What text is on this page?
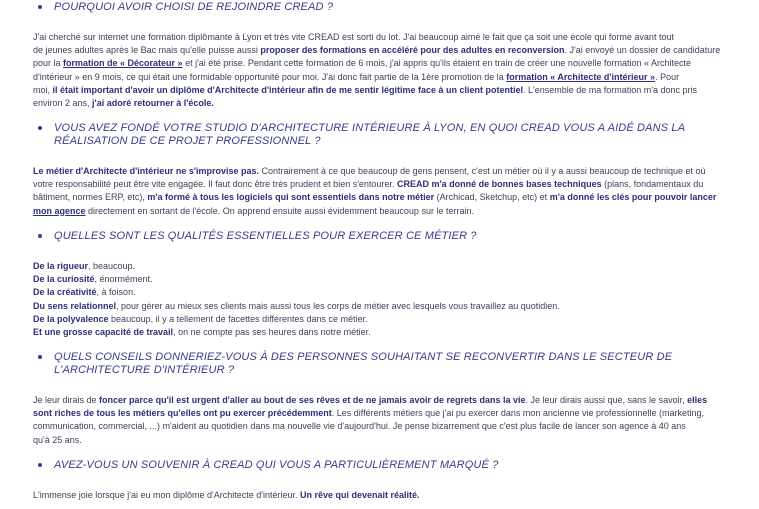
POURQUOI AVOIR CHOISI DE REJOINDRE CREAD ?
J'ai cherché sur internet une formation diplômante à Lyon et très vite CREAD est sorti du lot. J'ai beaucoup aimé le fait que ça soit une école qui forme avant tout
de jeunes adultes après le Bac mais qu'elle puisse aussi proposer des formations en accéléré pour des adultes en reconversion. J'ai envoyé un dossier de candidature
pour la formation de « Décorateur » et j'ai été prise. Pendant cette formation de 6 mois, j'ai appris qu'ils étaient en train de créer une nouvelle formation « Architecte
d'intérieur » en 9 mois, ce qui était une formidable opportunité pour moi. J'ai donc fait partie de la 1ère promotion de la formation « Architecte d'intérieur ». Pour
moi, il était important d'avoir un diplôme d'Architecte d'intérieur afin de me sentir légitime face à un client potentiel. L'ensemble de ma formation m'a donc pris
environ 2 ans, j'ai adoré retourner à l'école.
VOUS AVEZ FONDÉ VOTRE STUDIO D'ARCHITECTURE INTÉRIEURE À LYON, EN QUOI CREAD VOUS A AIDÉ DANS LA RÉALISATION DE CE PROJET PROFESSIONNEL ?
Le métier d'Architecte d'intérieur ne s'improvise pas. Contrairement à ce que beaucoup de gens pensent, c'est un métier où il y a aussi beaucoup de technique et où
votre responsabilité peut être vite engagée. Il faut donc être très prudent et bien s'entourer. CREAD m'a donné de bonnes bases techniques (plans, fondamentaux du
bâtiment, normes ERP, etc), m'a formé à tous les logiciels qui sont essentiels dans notre métier (Archicad, Sketchup, etc) et m'a donné les clés pour pouvoir lancer
mon agence directement en sortant de l'école. On apprend ensuite aussi évidemment beaucoup sur le terrain.
QUELLES SONT LES QUALITÉS ESSENTIELLES POUR EXERCER CE MÉTIER ?
De la rigueur, beaucoup.
De la curiosité, énormément.
De la créativité, à foison.
Du sens relationnel, pour gérer au mieux ses clients mais aussi tous les corps de métier avec lesquels vous travaillez au quotidien.
De la polyvalence beaucoup, il y a tellement de facettes différentes dans ce métier.
Et une grosse capacité de travail, on ne compte pas ses heures dans notre métier.
QUELS CONSEILS DONNERIEZ-VOUS À DES PERSONNES SOUHAITANT SE RECONVERTIR DANS LE SECTEUR DE L'ARCHITECTURE D'INTÉRIEUR ?
Je leur dirais de foncer parce qu'il est urgent d'aller au bout de ses rêves et de ne jamais avoir de regrets dans la vie. Je leur dirais aussi que, sans le savoir, elles
sont riches de tous les métiers qu'elles ont pu exercer précédemment. Les différents métiers que j'ai pu exercer dans mon ancienne vie professionnelle (marketing,
communication, commercial, ...) m'aident au quotidien dans ma nouvelle vie d'aujourd'hui. Je pense bizarrement que c'est plus facile de lancer son agence à 40 ans
qu'à 25 ans.
AVEZ-VOUS UN SOUVENIR À CREAD QUI VOUS A PARTICULIÈREMENT MARQUÉ ?
L'immense joie lorsque j'ai eu mon diplôme d'Architecte d'intérieur. Un rêve qui devenait réalité.
